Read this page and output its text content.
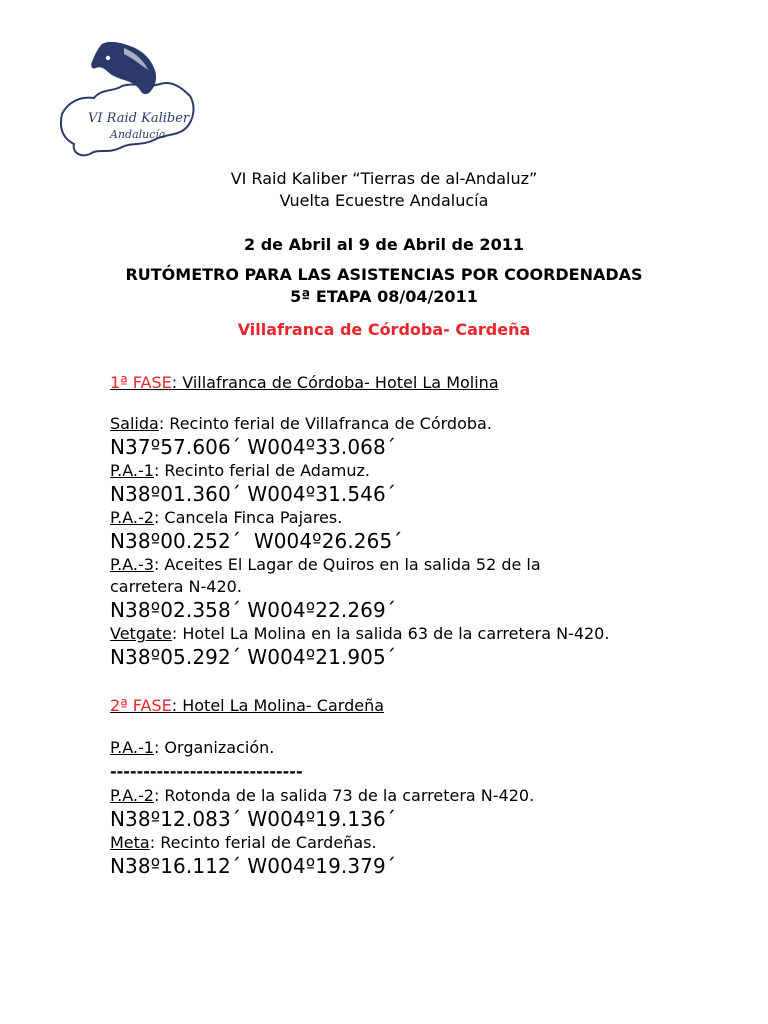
VI Raid Kaliber
Andalucía
VI Raid Kaliber “Tierras de al-Andaluz”
Vuelta Ecuestre Andalucía
2 de Abril al 9 de Abril de 2011
RUTÓMETRO PARA LAS ASISTENCIAS POR COORDENADAS
5ª ETAPA 08/04/2011
Villafranca de Córdoba- Cardeña
1ª FASE: Villafranca de Córdoba- Hotel La Molina
Salida: Recinto ferial de Villafranca de Córdoba.
N37º57.606´ W004º33.068´
P.A.-1: Recinto ferial de Adamuz.
N38º01.360´ W004º31.546´
P.A.-2: Cancela Finca Pajares.
N38º00.252´  W004º26.265´
P.A.-3: Aceites El Lagar de Quiros en la salida 52 de la carretera N-420.
N38º02.358´ W004º22.269´
Vetgate: Hotel La Molina en la salida 63 de la carretera N-420.
N38º05.292´ W004º21.905´
2ª FASE: Hotel La Molina- Cardeña
P.A.-1: Organización.
-----------------------------
P.A.-2: Rotonda de la salida 73 de la carretera N-420.
N38º12.083´ W004º19.136´
Meta: Recinto ferial de Cardeñas.
N38º16.112´ W004º19.379´
